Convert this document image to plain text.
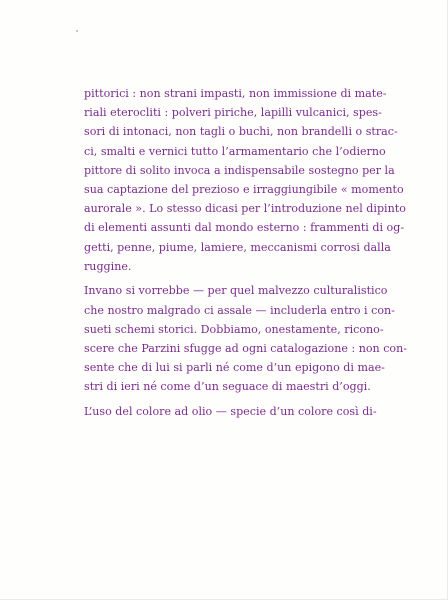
pittorici : non strani impasti, non immissione di mate-
riali eterocliti : polveri piriche, lapilli vulcanici, spes-
sori di intonaci, non tagli o buchi, non brandelli o strac-
ci, smalti e vernici tutto l’armamentario che l’odierno
pittore di solito invoca a indispensabile sostegno per la
sua captazione del prezioso e irraggiungibile « momento
aurorale ». Lo stesso dicasi per l’introduzione nel dipinto
di elementi assunti dal mondo esterno : frammenti di og-
getti, penne, piume, lamiere, meccanismi corrosi dalla
ruggine.

Invano si vorrebbe — per quel malvezzo culturalistico
che nostro malgrado ci assale — includerla entro i con-
sueti schemi storici. Dobbiamo, onestamente, ricono-
scere che Parzini sfugge ad ogni catalogazione : non con-
sente che di lui si parli né come d’un epigono di mae-
stri di ieri né come d’un seguace di maestri d’oggi.

L’uso del colore ad olio — specie d’un colore così di-
